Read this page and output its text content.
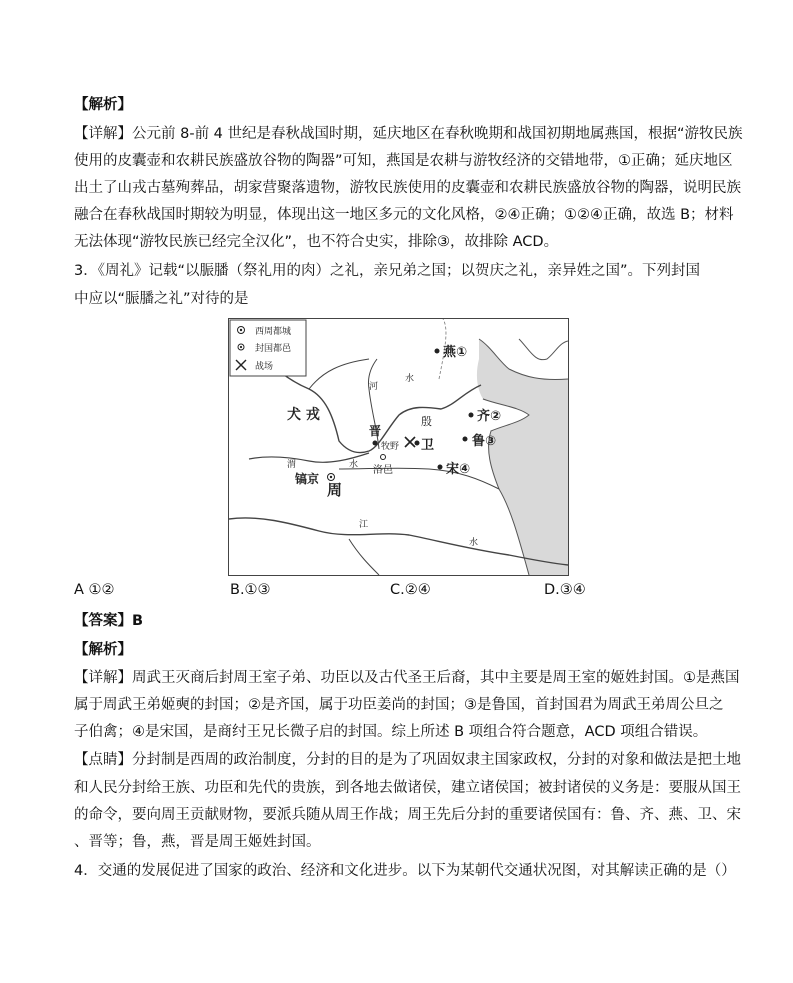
【解析】
【详解】公元前 8-前 4 世纪是春秋战国时期，延庆地区在春秋晚期和战国初期地属燕国，根据“游牧民族
使用的皮囊壶和农耕民族盛放谷物的陶器”可知，燕国是农耕与游牧经济的交错地带，①正确；延庆地区
出土了山戎古墓殉葬品，胡家营聚落遗物，游牧民族使用的皮囊壶和农耕民族盛放谷物的陶器，说明民族
融合在春秋战国时期较为明显，体现出这一地区多元的文化风格，②④正确；①②④正确，故选 B；材料
无法体现“游牧民族已经完全汉化”，也不符合史实，排除③，故排除 ACD。
3．《周礼》记载“以脤膰（祭礼用的肉）之礼，亲兄弟之国；以贺庆之礼，亲异姓之国”。下列封国
中应以“脤膰之礼”对待的是
西周都城
封国都邑
战场
犬 戎
燕①
齐②
鲁③
宋④
殷
晋
牧野 卫
洛邑
镐京
周
河
渭	水
江
水
水
A ①②	B.①③	C.②④	D.③④
【答案】B
【解析】
【详解】周武王灭商后封周王室子弟、功臣以及古代圣王后裔，其中主要是周王室的姬姓封国。①是燕国
属于周武王弟姬奭的封国；②是齐国，属于功臣姜尚的封国；③是鲁国，首封国君为周武王弟周公旦之
子伯禽；④是宋国，是商纣王兄长微子启的封国。综上所述 B 项组合符合题意，ACD 项组合错误。
【点睛】分封制是西周的政治制度，分封的目的是为了巩固奴隶主国家政权，分封的对象和做法是把土地
和人民分封给王族、功臣和先代的贵族，到各地去做诸侯，建立诸侯国；被封诸侯的义务是：要服从国王
的命令，要向周王贡献财物，要派兵随从周王作战；周王先后分封的重要诸侯国有：鲁、齐、燕、卫、宋
、晋等；鲁，燕，晋是周王姬姓封国。
4．交通的发展促进了国家的政治、经济和文化进步。以下为某朝代交通状况图，对其解读正确的是（）
